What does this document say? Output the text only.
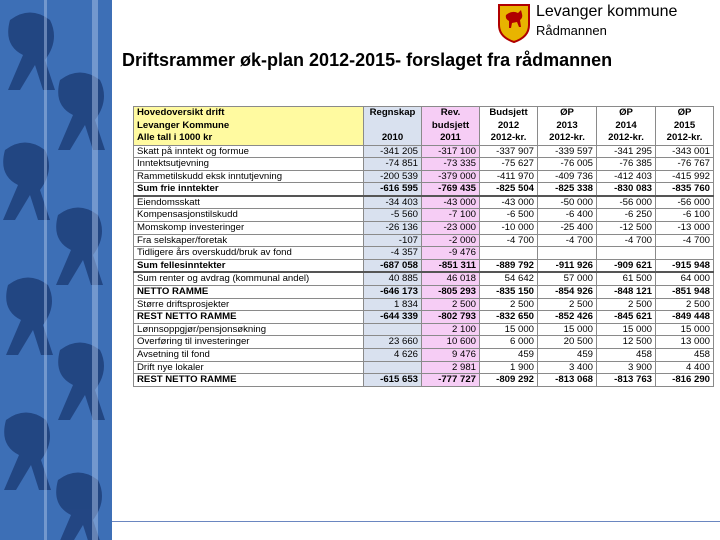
Levanger kommune
Rådmannen
Driftsrammer øk-plan 2012-2015- forslaget fra rådmannen
Hovedoversikt drift	Regnskap	Rev.	Budsjett	ØP	ØP	ØP
Levanger Kommune		budsjett	2012	2013	2014	2015
Alle tall i 1000 kr	2010	2011	2012-kr.	2012-kr.	2012-kr.	2012-kr.
Skatt på inntekt og formue	-341 205	-317 100	-337 907	-339 597	-341 295	-343 001
Inntektsutjevning	-74 851	-73 335	-75 627	-76 005	-76 385	-76 767
Rammetilskudd eksk inntutjevning	-200 539	-379 000	-411 970	-409 736	-412 403	-415 992
Sum frie inntekter	-616 595	-769 435	-825 504	-825 338	-830 083	-835 760
Eiendomsskatt	-34 403	-43 000	-43 000	-50 000	-56 000	-56 000
Kompensasjonstilskudd	-5 560	-7 100	-6 500	-6 400	-6 250	-6 100
Momskomp investeringer	-26 136	-23 000	-10 000	-25 400	-12 500	-13 000
Fra selskaper/foretak	-107	-2 000	-4 700	-4 700	-4 700	-4 700
Tidligere års overskudd/bruk av fond	-4 357	-9 476				
Sum fellesinntekter	-687 058	-851 311	-889 792	-911 926	-909 621	-915 948
Sum renter og avdrag (kommunal andel)	40 885	46 018	54 642	57 000	61 500	64 000
NETTO RAMME	-646 173	-805 293	-835 150	-854 926	-848 121	-851 948
Større driftsprosjekter	1 834	2 500	2 500	2 500	2 500	2 500
REST NETTO RAMME	-644 339	-802 793	-832 650	-852 426	-845 621	-849 448
Lønnsoppgjør/pensjonsøkning		2 100	15 000	15 000	15 000	15 000
Overføring til investeringer	23 660	10 600	6 000	20 500	12 500	13 000
Avsetning til fond	4 626	9 476	459	459	458	458
Drift nye lokaler		2 981	1 900	3 400	3 900	4 400
REST NETTO RAMME	-615 653	-777 727	-809 292	-813 068	-813 763	-816 290
